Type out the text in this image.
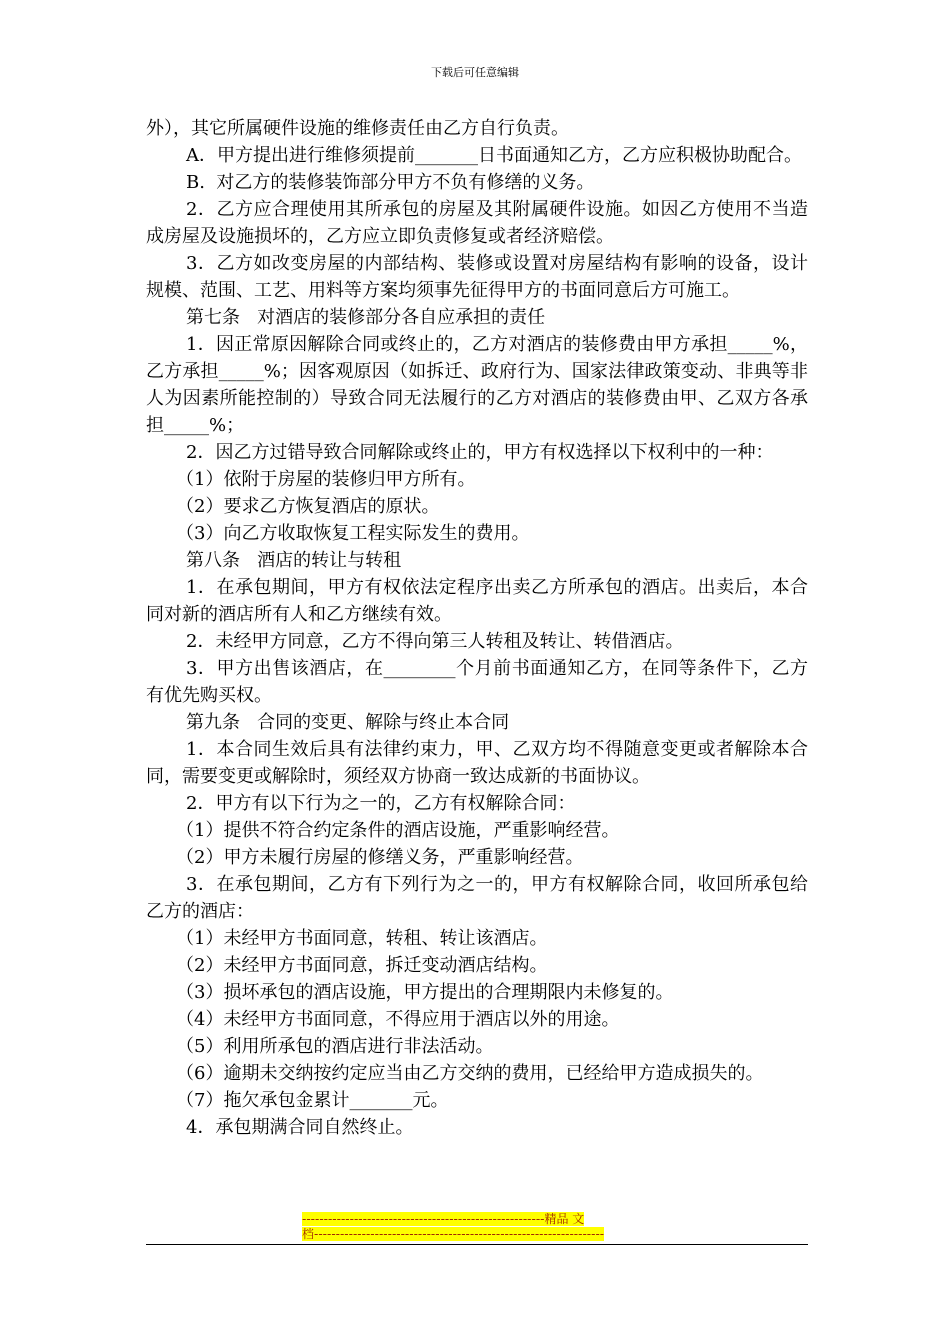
下载后可任意编辑

外），其它所属硬件设施的维修责任由乙方自行负责。

A．甲方提出进行维修须提前_______日书面通知乙方，乙方应积极协助配合。

B.  对乙方的装修装饰部分甲方不负有修缮的义务。

2．乙方应合理使用其所承包的房屋及其附属硬件设施。如因乙方使用不当造成房屋及设施损坏的，乙方应立即负责修复或者经济赔偿。

3．乙方如改变房屋的内部结构、装修或设置对房屋结构有影响的设备，设计规模、范围、工艺、用料等方案均须事先征得甲方的书面同意后方可施工。

第七条   对酒店的装修部分各自应承担的责任

1．因正常原因解除合同或终止的，乙方对酒店的装修费由甲方承担_____%，乙方承担_____%；因客观原因（如拆迁、政府行为、国家法律政策变动、非典等非人为因素所能控制的）导致合同无法履行的乙方对酒店的装修费由甲、乙双方各承担_____%；

2．因乙方过错导致合同解除或终止的，甲方有权选择以下权利中的一种：

（1）依附于房屋的装修归甲方所有。

（2）要求乙方恢复酒店的原状。

（3）向乙方收取恢复工程实际发生的费用。

第八条   酒店的转让与转租

1．在承包期间，甲方有权依法定程序出卖乙方所承包的酒店。出卖后，本合同对新的酒店所有人和乙方继续有效。

2．未经甲方同意，乙方不得向第三人转租及转让、转借酒店。

3．甲方出售该酒店，在________个月前书面通知乙方，在同等条件下，乙方有优先购买权。

第九条   合同的变更、解除与终止本合同

1．本合同生效后具有法律约束力，甲、乙双方均不得随意变更或者解除本合同，需要变更或解除时，须经双方协商一致达成新的书面协议。

2．甲方有以下行为之一的，乙方有权解除合同：

（1）提供不符合约定条件的酒店设施，严重影响经营。

（2）甲方未履行房屋的修缮义务，严重影响经营。

3．在承包期间，乙方有下列行为之一的，甲方有权解除合同，收回所承包给乙方的酒店：

（1）未经甲方书面同意，转租、转让该酒店。

（2）未经甲方书面同意，拆迁变动酒店结构。

（3）损坏承包的酒店设施，甲方提出的合理期限内未修复的。

（4）未经甲方书面同意，不得应用于酒店以外的用途。

（5）利用所承包的酒店进行非法活动。

（6）逾期未交纳按约定应当由乙方交纳的费用，已经给甲方造成损失的。

（7）拖欠承包金累计_______元。

4．承包期满合同自然终止。

--------------------------------------------------------精品 文
档-------------------------------------------------------------------
